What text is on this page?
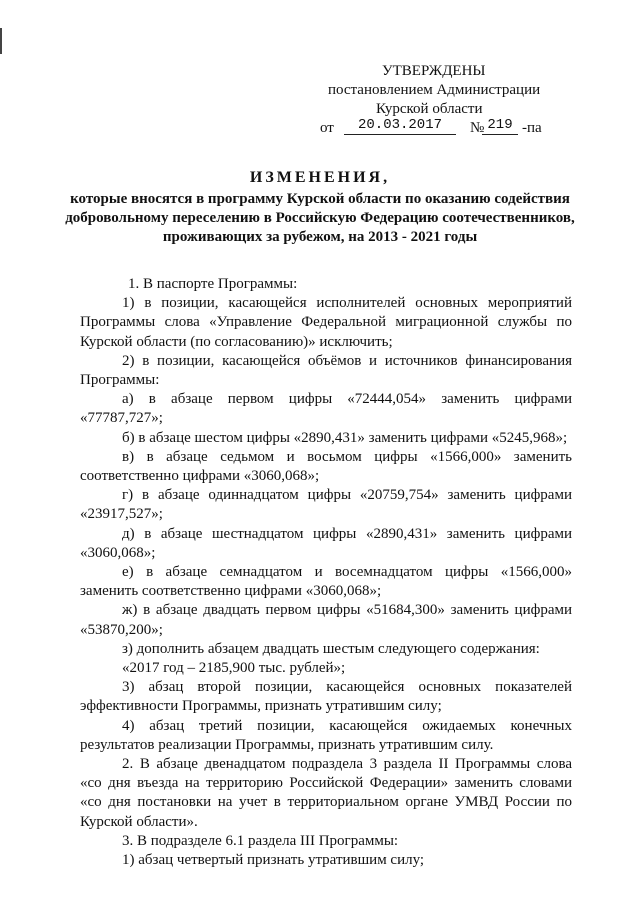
УТВЕРЖДЕНЫ
постановлением Администрации
Курской области
от	20.03.2017	№ 219 -па
ИЗМЕНЕНИЯ,
которые вносятся в программу Курской области по оказанию содействия добровольному переселению в Российскую Федерацию соотечественников, проживающих за рубежом, на 2013 - 2021 годы

1. В паспорте Программы:

1) в позиции, касающейся исполнителей основных мероприятий Программы слова «Управление Федеральной миграционной службы по Курской области (по согласованию)» исключить;

2) в позиции, касающейся объёмов и источников финансирования Программы:

а) в абзаце первом цифры «72444,054» заменить цифрами «77787,727»;

б) в абзаце шестом цифры «2890,431» заменить цифрами «5245,968»;

в) в абзаце седьмом и восьмом цифры «1566,000» заменить соответственно цифрами «3060,068»;

г) в абзаце одиннадцатом цифры «20759,754» заменить цифрами «23917,527»;

д) в абзаце шестнадцатом цифры «2890,431» заменить цифрами «3060,068»;

е) в абзаце семнадцатом и восемнадцатом цифры «1566,000» заменить соответственно цифрами «3060,068»;

ж) в абзаце двадцать первом цифры «51684,300» заменить цифрами «53870,200»;

з) дополнить абзацем двадцать шестым следующего содержания:

«2017 год – 2185,900 тыс. рублей»;

3) абзац второй позиции, касающейся основных показателей эффективности Программы, признать утратившим силу;

4) абзац третий позиции, касающейся ожидаемых конечных результатов реализации Программы, признать утратившим силу.

2. В абзаце двенадцатом подраздела 3 раздела II Программы слова «со дня въезда на территорию Российской Федерации» заменить словами «со дня постановки на учет в территориальном органе УМВД России по Курской области».

3. В подразделе 6.1 раздела III Программы:

1) абзац четвертый признать утратившим силу;
